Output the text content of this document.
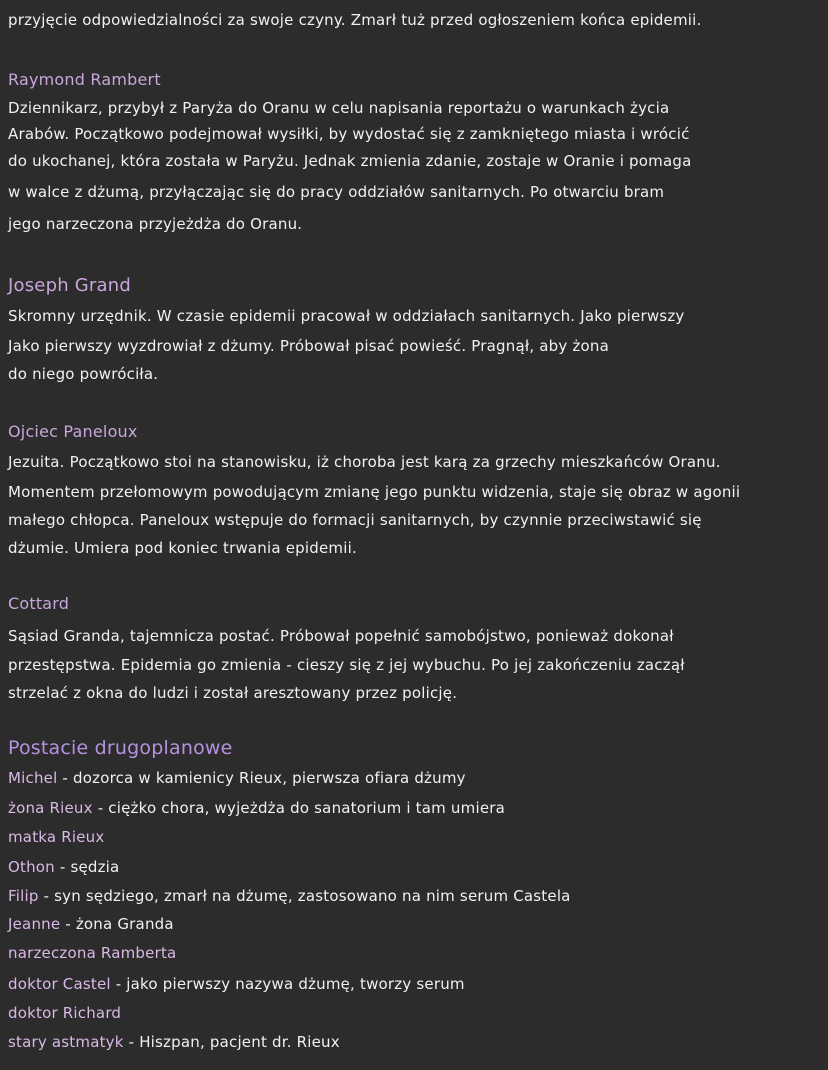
przyjęcie odpowiedzialności za swoje czyny. Zmarł tuż przed ogłoszeniem końca epidemii.
Raymond Rambert
Dziennikarz, przybył z Paryża do Oranu w celu napisania reportażu o warunkach życia
Arabów. Początkowo podejmował wysiłki, by wydostać się z zamkniętego miasta i wrócić
do ukochanej, która została w Paryżu. Jednak zmienia zdanie, zostaje w Oranie i pomaga
w walce z dżumą, przyłączając się do pracy oddziałów sanitarnych. Po otwarciu bram
jego narzeczona przyjeżdża do Oranu.
Joseph Grand
Skromny urzędnik. W czasie epidemii pracował w oddziałach sanitarnych. Jako pierwszy
Jako pierwszy wyzdrowiał z dżumy. Próbował pisać powieść. Pragnął, aby żona
do niego powróciła.
Ojciec Paneloux
Jezuita. Początkowo stoi na stanowisku, iż choroba jest karą za grzechy mieszkańców Oranu.
Momentem przełomowym powodującym zmianę jego punktu widzenia, staje się obraz w agonii
małego chłopca. Paneloux wstępuje do formacji sanitarnych, by czynnie przeciwstawić się
dżumie. Umiera pod koniec trwania epidemii.
Cottard
Sąsiad Granda, tajemnicza postać. Próbował popełnić samobójstwo, ponieważ dokonał
przestępstwa. Epidemia go zmienia - cieszy się z jej wybuchu. Po jej zakończeniu zaczął
strzelać z okna do ludzi i został aresztowany przez policję.
Postacie drugoplanowe
Michel - dozorca w kamienicy Rieux, pierwsza ofiara dżumy
żona Rieux - ciężko chora, wyjeżdża do sanatorium i tam umiera
matka Rieux
Othon - sędzia
Filip - syn sędziego, zmarł na dżumę, zastosowano na nim serum Castela
Jeanne - żona Granda
narzeczona Ramberta
doktor Castel - jako pierwszy nazywa dżumę, tworzy serum
doktor Richard
stary astmatyk - Hiszpan, pacjent dr. Rieux
